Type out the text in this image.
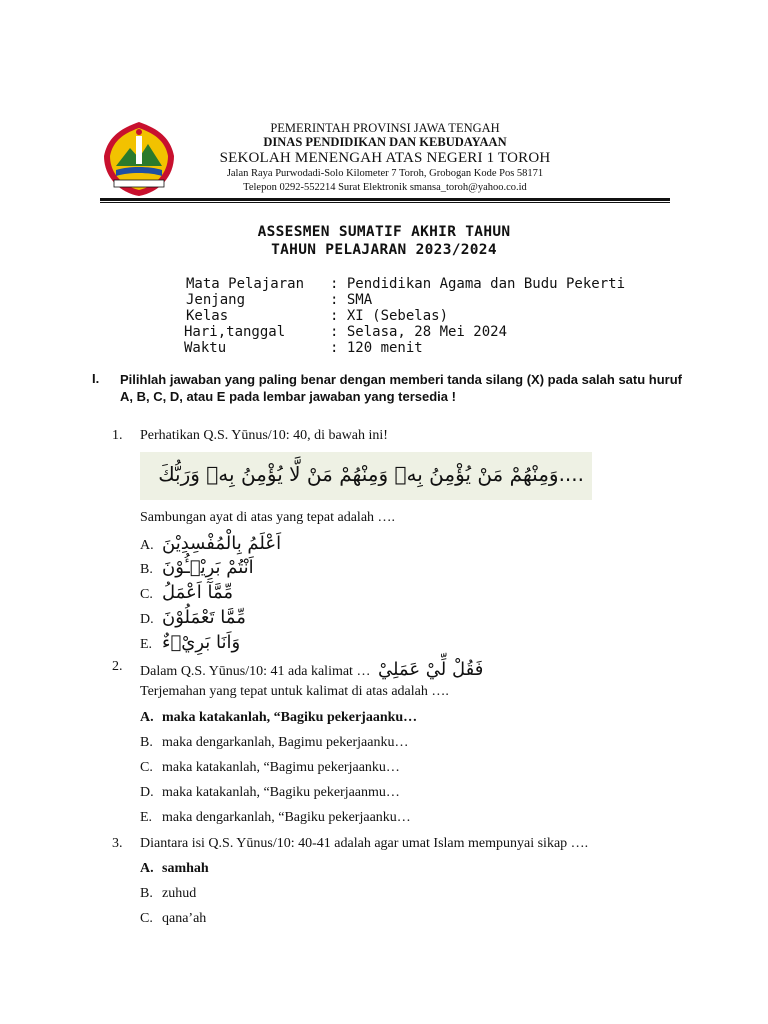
PEMERINTAH PROVINSI JAWA TENGAH
DINAS PENDIDIKAN DAN KEBUDAYAAN
SEKOLAH MENENGAH ATAS NEGERI 1 TOROH
Jalan Raya Purwodadi-Solo Kilometer 7 Toroh, Grobogan Kode Pos 58171
Telepon 0292-552214 Surat Elektronik smansa_toroh@yahoo.co.id
ASSESMEN SUMATIF AKHIR TAHUN
TAHUN PELAJARAN 2023/2024
Mata Pelajaran : Pendidikan Agama dan Budu Pekerti
Jenjang	: SMA
Kelas	: XI (Sebelas)
Hari,tanggal	: Selasa, 28 Mei 2024
Waktu	: 120 menit
I. Pilihlah jawaban yang paling benar dengan memberi tanda silang (X) pada salah satu huruf A, B, C, D, atau E pada lembar jawaban yang tersedia !
1. Perhatikan Q.S. Yūnus/10: 40, di bawah ini!
....وَمِنْهُمْ مَنْ يُؤْمِنُ بِهٖ وَمِنْهُمْ مَنْ لَّا يُؤْمِنُ بِهٖ وَرَبُّكَ
Sambungan ayat di atas yang tepat adalah ….
A. اَعْلَمُ بِالْمُفْسِدِيْنَ
B. اَنْتُمْ بَرِيْۤـُٔوْنَ
C. مِّمَّآ اَعْمَلُ
D. مِّمَّا تَعْمَلُوْنَ
E. وَاَنَا بَرِيْۤءٌ
2. Dalam Q.S. Yūnus/10: 41 ada kalimat … فَقُلْ لِّيْ عَمَلِيْ
Terjemahan yang tepat untuk kalimat di atas adalah ….
A. maka katakanlah, “Bagiku pekerjaanku…
B. maka dengarkanlah, Bagimu pekerjaanku…
C. maka katakanlah, “Bagimu pekerjaanku…
D. maka katakanlah, “Bagiku pekerjaanmu…
E. maka dengarkanlah, “Bagiku pekerjaanku…
3. Diantara isi Q.S. Yūnus/10: 40-41 adalah agar umat Islam mempunyai sikap ….
A. samhah
B. zuhud
C. qana’ah
